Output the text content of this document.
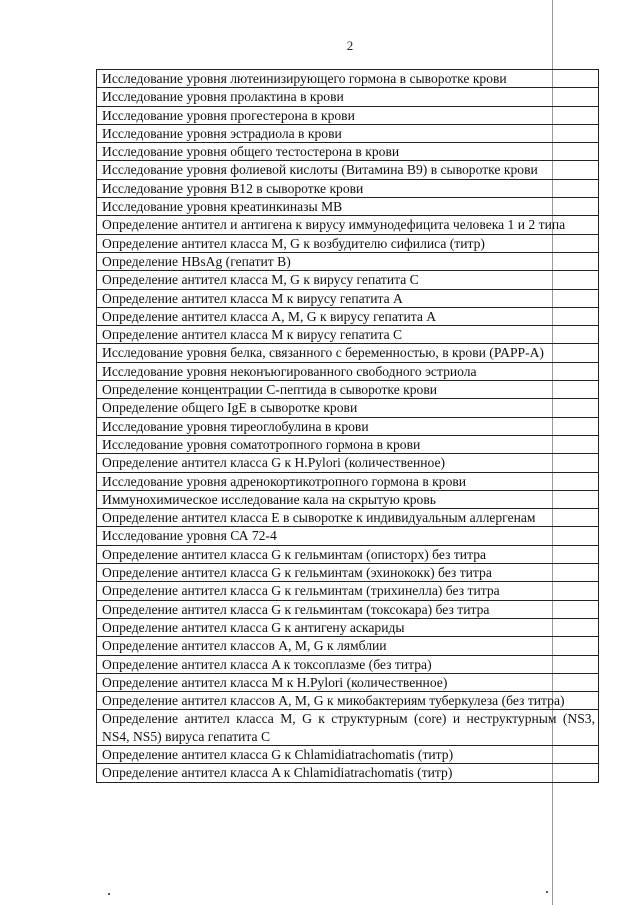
2
Исследование уровня лютеинизирующего гормона в сыворотке крови
Исследование уровня пролактина в крови
Исследование уровня прогестерона в крови
Исследование уровня эстрадиола в крови
Исследование уровня общего тестостерона в крови
Исследование уровня фолиевой кислоты (Витамина В9) в сыворотке крови
Исследование уровня В12 в сыворотке крови
Исследование уровня креатинкиназы MB
Определение антител и антигена к вирусу иммунодефицита человека 1 и 2 типа
Определение антител класса M, G к возбудителю сифилиса (титр)
Определение HBsAg (гепатит В)
Определение антител класса M, G к вирусу гепатита С
Определение антител класса M к вирусу гепатита А
Определение антител класса A, M, G к вирусу гепатита А
Определение антител класса M к вирусу гепатита С
Исследование уровня белка, связанного с беременностью, в крови (PAPP-A)
Исследование уровня неконъюгированного свободного эстриола
Определение концентрации С-пептида в сыворотке крови
Определение общего IgE в сыворотке крови
Исследование уровня тиреоглобулина в крови
Исследование уровня соматотропного гормона в крови
Определение антител класса G к H.Pylori (количественное)
Исследование уровня адренокортикотропного гормона в крови
Иммунохимическое исследование кала на скрытую кровь
Определение антител класса Е в сыворотке к индивидуальным аллергенам
Исследование уровня СА 72-4
Определение антител класса G к гельминтам (описторх) без титра
Определение антител класса G к гельминтам (эхинококк) без титра
Определение антител класса G к гельминтам (трихинелла) без титра
Определение антител класса G к гельминтам (токсокара) без титра
Определение антител класса G к антигену аскариды
Определение антител классов A, M, G к лямблии
Определение антител класса A к токсоплазме (без титра)
Определение антител класса M к H.Pylori (количественное)
Определение антител классов А, M, G к микобактериям туберкулеза (без титра)
Определение антител класса M, G к структурным (core) и неструктурным (NS3, NS4, NS5) вируса гепатита С
Определение антител класса G к Chlamidiatrachomatis (титр)
Определение антител класса A к Chlamidiatrachomatis (титр)
